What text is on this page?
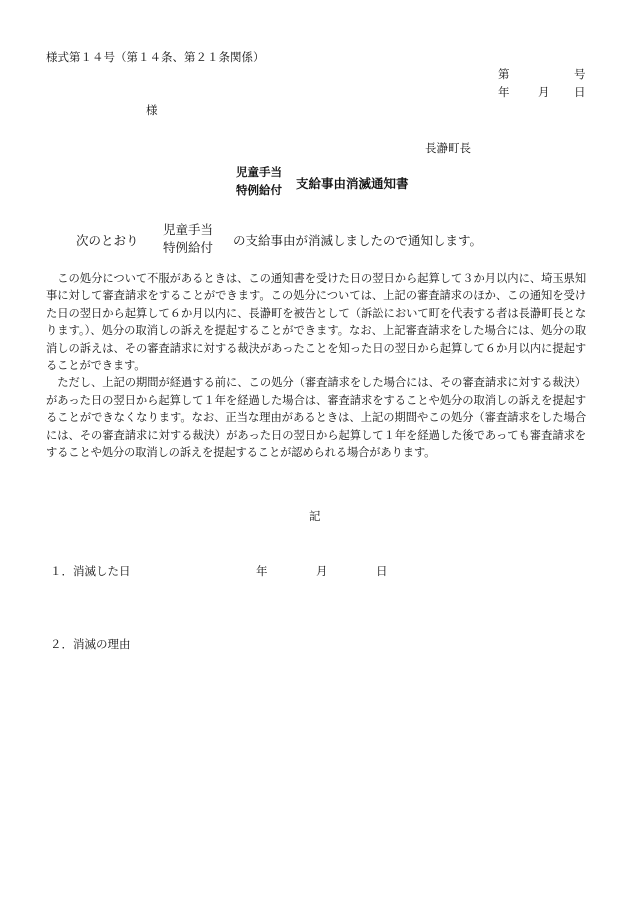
様式第１４号（第１４条、第２１条関係）
第	号
年 月 日
様
長瀞町長
児童手当
特例給付 支給事由消滅通知書
次のとおり
児童手当
特例給付 の支給事由が消滅しましたので通知します。

この処分について不服があるときは、この通知書を受けた日の翌日から起算して３か月以内に、埼玉県知事に対して審査請求をすることができます。この処分については、上記の審査請求のほか、この通知を受けた日の翌日から起算して６か月以内に、長瀞町を被告として（訴訟において町を代表する者は長瀞町長となります。）、処分の取消しの訴えを提起することができます。なお、上記審査請求をした場合には、処分の取消しの訴えは、その審査請求に対する裁決があったことを知った日の翌日から起算して６か月以内に提起することができます。

ただし、上記の期間が経過する前に、この処分（審査請求をした場合には、その審査請求に対する裁決）があった日の翌日から起算して１年を経過した場合は、審査請求をすることや処分の取消しの訴えを提起することができなくなります。なお、正当な理由があるときは、上記の期間やこの処分（審査請求をした場合には、その審査請求に対する裁決）があった日の翌日から起算して１年を経過した後であっても審査請求をすることや処分の取消しの訴えを提起することが認められる場合があります。

記
１．消滅した日	年	月	日
２．消滅の理由
